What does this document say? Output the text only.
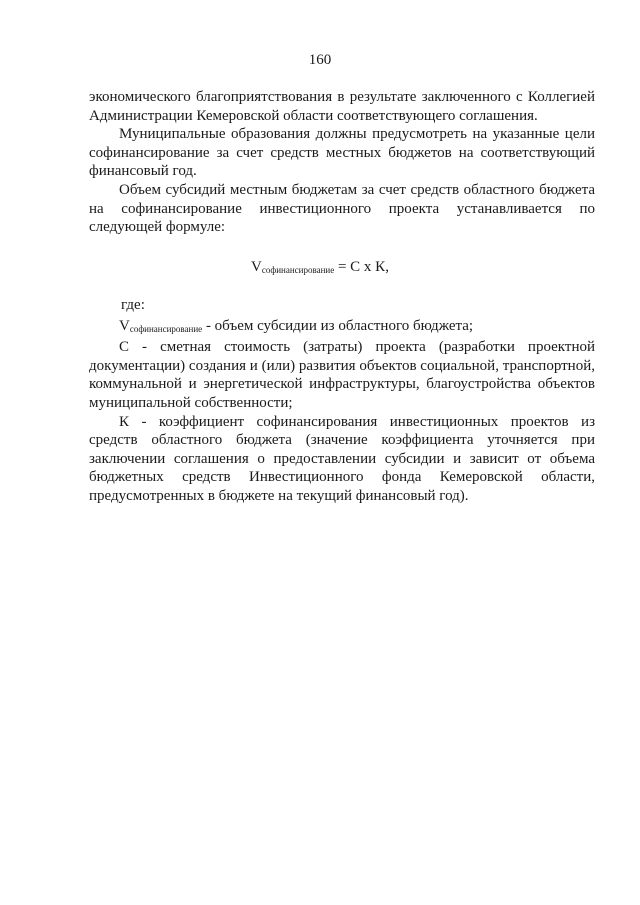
160

экономического благоприятствования в результате заключенного с Коллегией Администрации Кемеровской области соответствующего соглашения.

Муниципальные образования должны предусмотреть на указанные цели софинансирование за счет средств местных бюджетов на соответствующий финансовый год.

Объем субсидий местным бюджетам за счет средств областного бюджета на софинансирование инвестиционного проекта устанавливается по следующей формуле:

$V_{софинансирование} = С$ х К,

где:

$V_{софинансирование}$ - объем субсидии из областного бюджета;

С - сметная стоимость (затраты) проекта (разработки проектной документации) создания и (или) развития объектов социальной, транспортной, коммунальной и энергетической инфраструктуры, благоустройства объектов муниципальной собственности;

К - коэффициент софинансирования инвестиционных проектов из средств областного бюджета (значение коэффициента уточняется при заключении соглашения о предоставлении субсидии и зависит от объема бюджетных средств Инвестиционного фонда Кемеровской области, предусмотренных в бюджете на текущий финансовый год).
